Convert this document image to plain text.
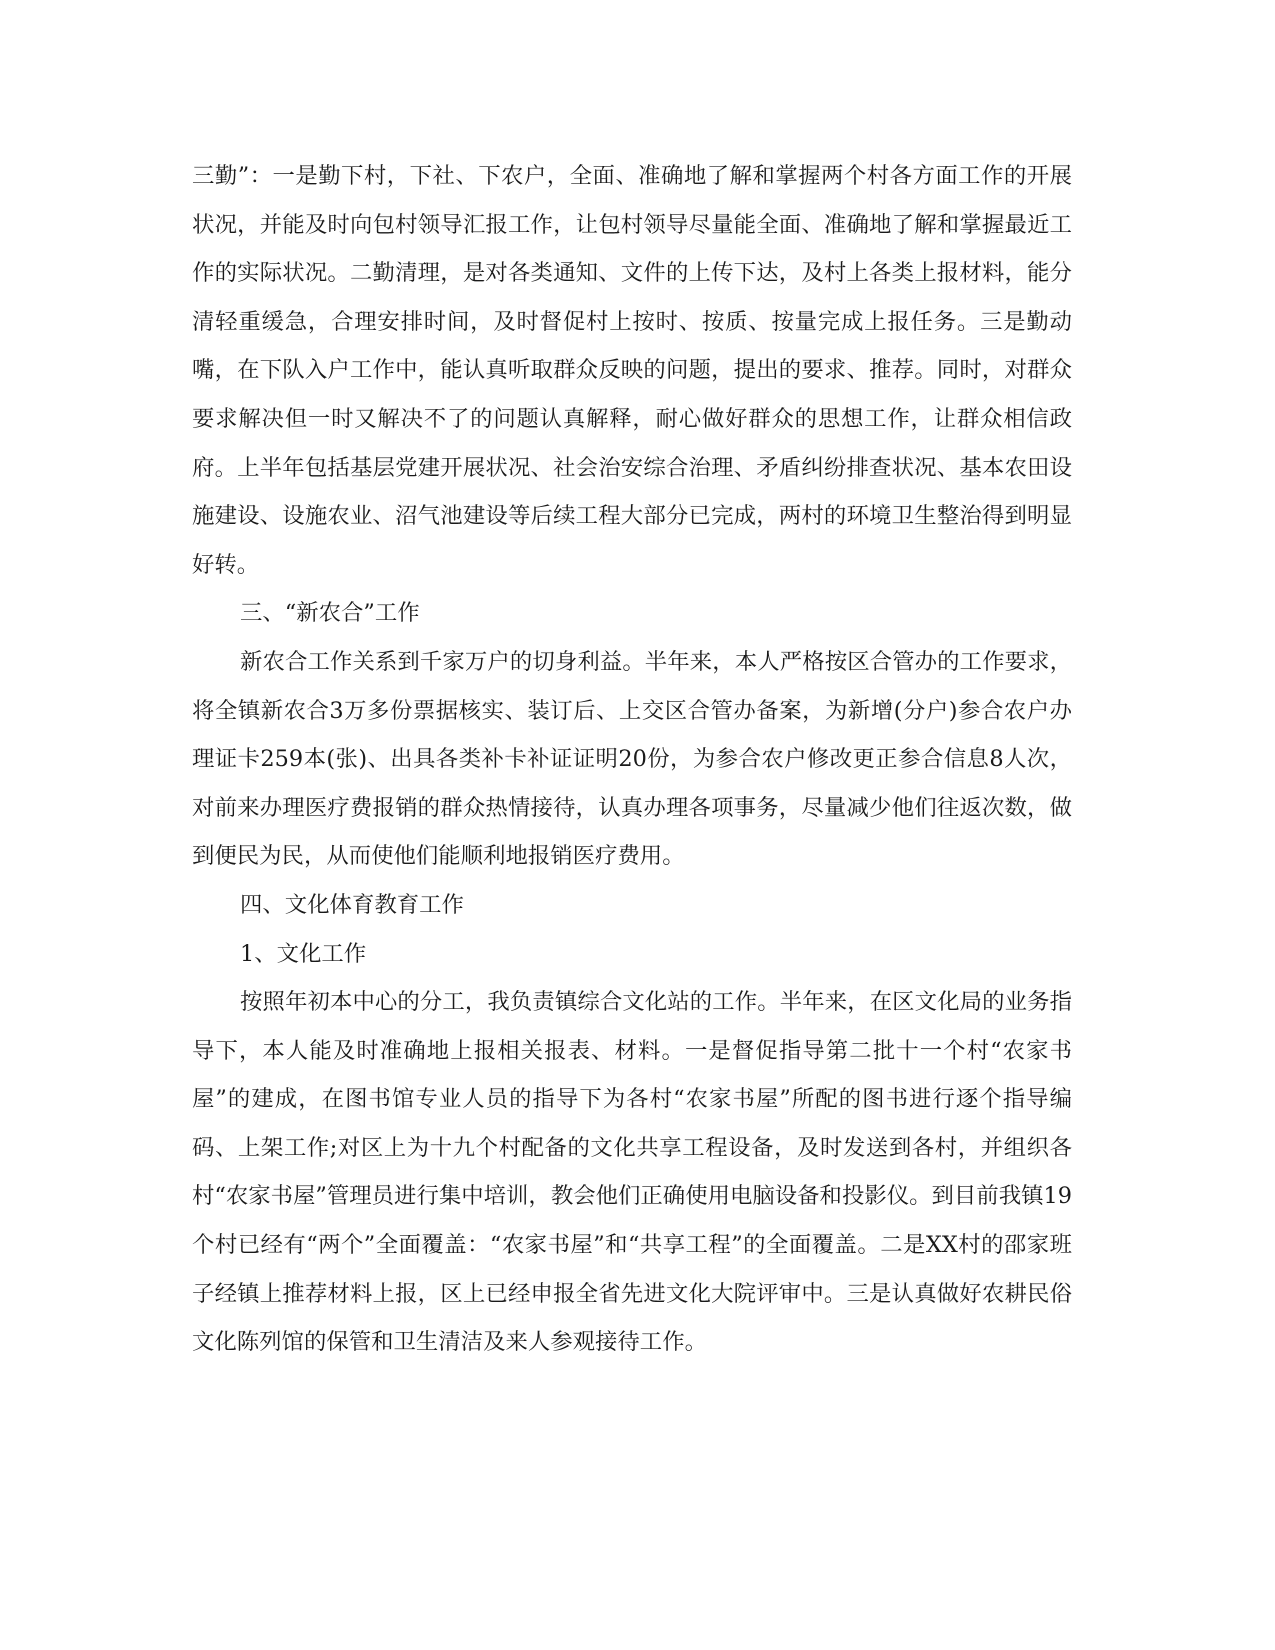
三勤”：一是勤下村，下社、下农户，全面、准确地了解和掌握两个村各方面工作的开展状况，并能及时向包村领导汇报工作，让包村领导尽量能全面、准确地了解和掌握最近工作的实际状况。二勤清理，是对各类通知、文件的上传下达，及村上各类上报材料，能分清轻重缓急，合理安排时间，及时督促村上按时、按质、按量完成上报任务。三是勤动嘴，在下队入户工作中，能认真听取群众反映的问题，提出的要求、推荐。同时，对群众要求解决但一时又解决不了的问题认真解释，耐心做好群众的思想工作，让群众相信政府。上半年包括基层党建开展状况、社会治安综合治理、矛盾纠纷排查状况、基本农田设施建设、设施农业、沼气池建设等后续工程大部分已完成，两村的环境卫生整治得到明显好转。

三、“新农合”工作

新农合工作关系到千家万户的切身利益。半年来，本人严格按区合管办的工作要求，将全镇新农合3万多份票据核实、装订后、上交区合管办备案，为新增(分户)参合农户办理证卡259本(张)、出具各类补卡补证证明20份，为参合农户修改更正参合信息8人次，对前来办理医疗费报销的群众热情接待，认真办理各项事务，尽量减少他们往返次数，做到便民为民，从而使他们能顺利地报销医疗费用。

四、文化体育教育工作

1、文化工作

按照年初本中心的分工，我负责镇综合文化站的工作。半年来，在区文化局的业务指导下，本人能及时准确地上报相关报表、材料。一是督促指导第二批十一个村“农家书屋”的建成，在图书馆专业人员的指导下为各村“农家书屋”所配的图书进行逐个指导编码、上架工作;对区上为十九个村配备的文化共享工程设备，及时发送到各村，并组织各村“农家书屋”管理员进行集中培训，教会他们正确使用电脑设备和投影仪。到目前我镇19个村已经有“两个”全面覆盖：“农家书屋”和“共享工程”的全面覆盖。二是XX村的邵家班子经镇上推荐材料上报，区上已经申报全省先进文化大院评审中。三是认真做好农耕民俗文化陈列馆的保管和卫生清洁及来人参观接待工作。
